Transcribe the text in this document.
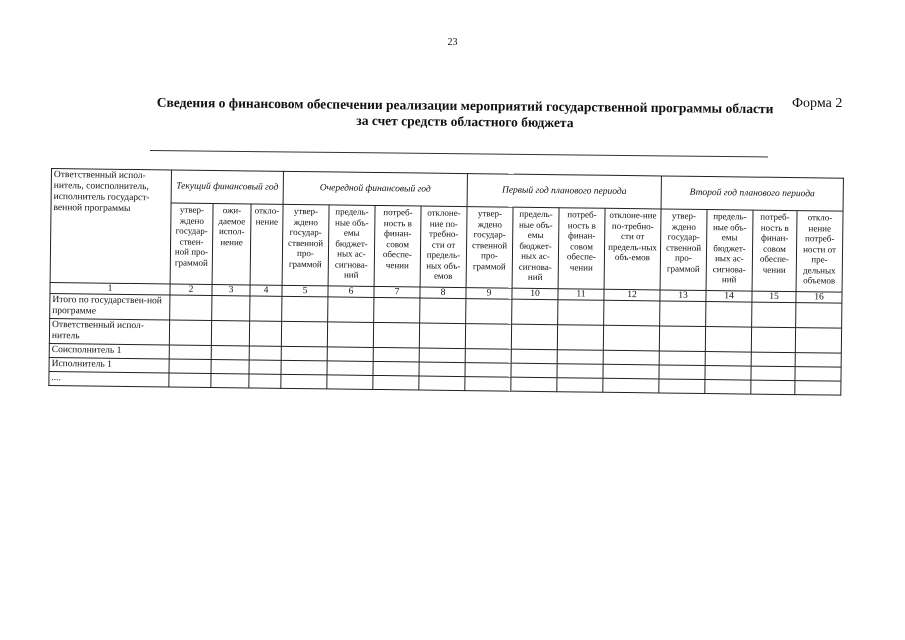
23
Форма 2
Сведения о финансовом обеспечении реализации мероприятий государственной программы области
за счет средств областного бюджета
Ответственный испол-нитель, соисполнитель, исполнитель государст-венной программы	Текущий финансовый год			Очередной финансовый год				Первый год планового периода				Второй год планового периода			
	утвер-ждено государ-ствен-ной про-граммой	ожи-даемое испол-нение	откло-нение	утвер-ждено государ-ственной про-граммой	предель-ные объ-емы бюджет-ных ас-сигнова-ний	потреб-ность в финан-совом обеспе-чении	отклоне-ние по-требно-сти от предель-ных объ-емов	утвер-ждено государ-ственной про-граммой	предель-ные объ-емы бюджет-ных ас-сигнова-ний	потреб-ность в финан-совом обеспе-чении	отклоне-ние по-требно-сти от предель-ных объ-емов	утвер-ждено государ-ственной про-граммой	предель-ные объ-емы бюджет-ных ас-сигнова-ний	потреб-ность в финан-совом обеспе-чении	откло-нение потреб-ности от пре-дельных объемов
1	2	3	4	5	6	7	8	9	10	11	12	13	14	15	16
Итого по государствен-ной программе															
Ответственный испол-нитель															
Соисполнитель 1															
Исполнитель 1															
....															
